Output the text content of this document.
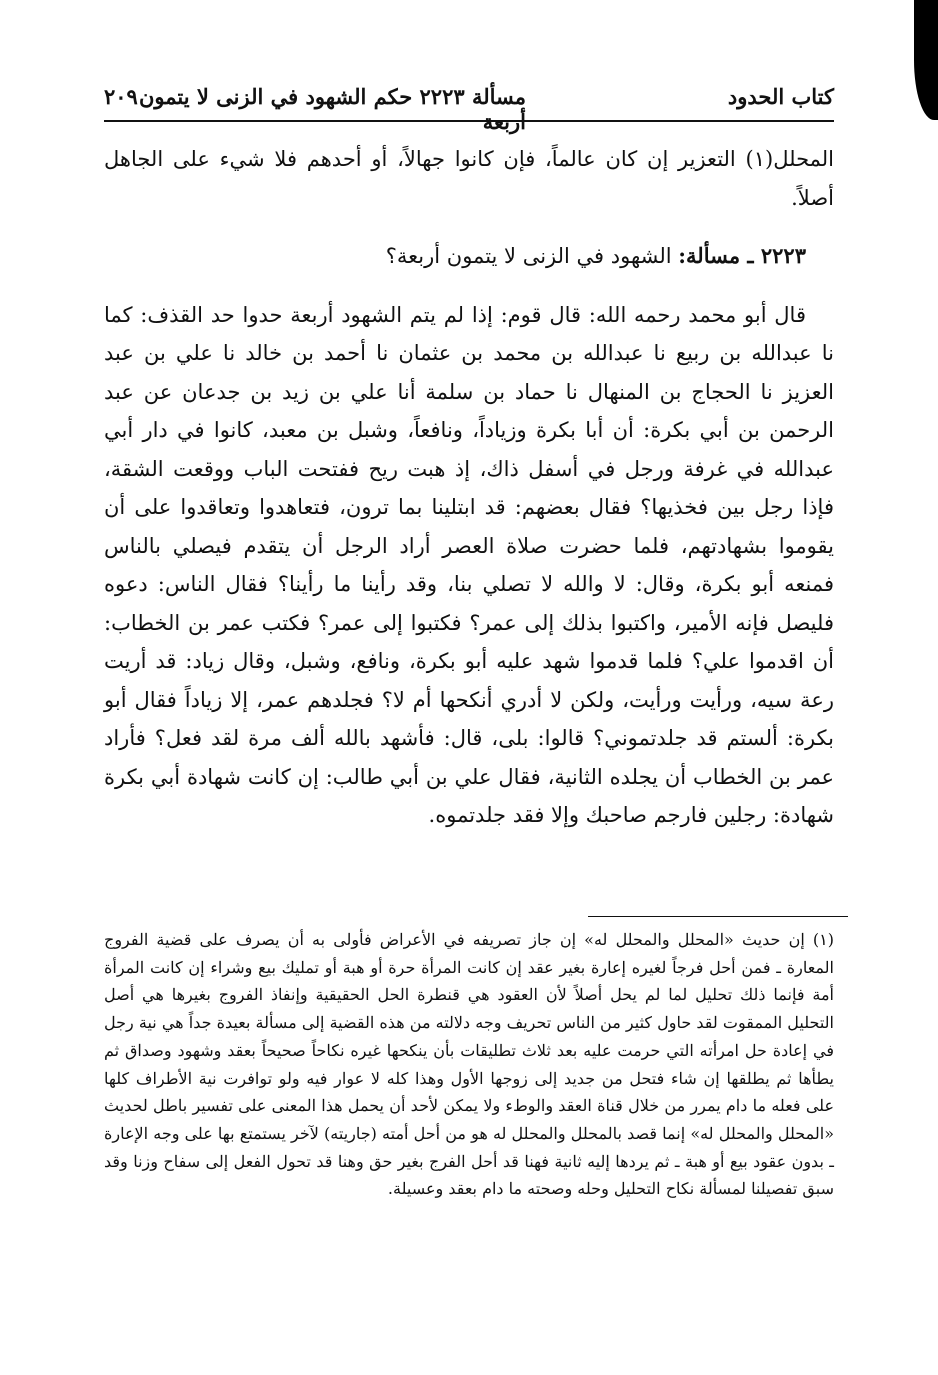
كتاب الحدود
مسألة ٢٢٢٣ حكم الشهود في الزنى لا يتمون أربعة
٢٠٩

المحلل(١) التعزير إن كان عالماً، فإن كانوا جهالاً، أو أحدهم فلا شيء على الجاهل أصلاً.

٢٢٢٣ ـ مسألة: الشهود في الزنى لا يتمون أربعة؟

قال أبو محمد رحمه الله: قال قوم: إذا لم يتم الشهود أربعة حدوا حد القذف: كما نا عبدالله بن ربيع نا عبدالله بن محمد بن عثمان نا أحمد بن خالد نا علي بن عبد العزيز نا الحجاج بن المنهال نا حماد بن سلمة أنا علي بن زيد بن جدعان عن عبد الرحمن بن أبي بكرة: أن أبا بكرة وزياداً، ونافعاً، وشبل بن معبد، كانوا في دار أبي عبدالله في غرفة ورجل في أسفل ذاك، إذ هبت ريح ففتحت الباب ووقعت الشقة، فإذا رجل بين فخذيها؟ فقال بعضهم: قد ابتلينا بما ترون، فتعاهدوا وتعاقدوا على أن يقوموا بشهادتهم، فلما حضرت صلاة العصر أراد الرجل أن يتقدم فيصلي بالناس فمنعه أبو بكرة، وقال: لا والله لا تصلي بنا، وقد رأينا ما رأينا؟ فقال الناس: دعوه فليصل فإنه الأمير، واكتبوا بذلك إلى عمر؟ فكتبوا إلى عمر؟ فكتب عمر بن الخطاب: أن اقدموا علي؟ فلما قدموا شهد عليه أبو بكرة، ونافع، وشبل، وقال زياد: قد أريت رعة سيه، ورأيت ورأيت، ولكن لا أدري أنكحها أم لا؟ فجلدهم عمر، إلا زياداً فقال أبو بكرة: ألستم قد جلدتموني؟ قالوا: بلى، قال: فأشهد بالله ألف مرة لقد فعل؟ فأراد عمر بن الخطاب أن يجلده الثانية، فقال علي بن أبي طالب: إن كانت شهادة أبي بكرة شهادة: رجلين فارجم صاحبك وإلا فقد جلدتموه.

(١) إن حديث «المحلل والمحلل له» إن جاز تصريفه في الأعراض فأولى به أن يصرف على قضية الفروج المعارة ـ فمن أحل فرجاً لغيره إعارة بغير عقد إن كانت المرأة حرة أو هبة أو تمليك بيع وشراء إن كانت المرأة أمة فإنما ذلك تحليل لما لم يحل أصلاً لأن العقود هي قنطرة الحل الحقيقية وإنفاذ الفروج بغيرها هي أصل التحليل الممقوت لقد حاول كثير من الناس تحريف وجه دلالته من هذه القضية إلى مسألة بعيدة جداً هي نية رجل في إعادة حل امرأته التي حرمت عليه بعد ثلاث تطليقات بأن ينكحها غيره نكاحاً صحيحاً بعقد وشهود وصداق ثم يطأها ثم يطلقها إن شاء فتحل من جديد إلى زوجها الأول وهذا كله لا عوار فيه ولو توافرت نية الأطراف كلها على فعله ما دام يمرر من خلال قناة العقد والوطء ولا يمكن لأحد أن يحمل هذا المعنى على تفسير باطل لحديث «المحلل والمحلل له» إنما قصد بالمحلل والمحلل له هو من أحل أمته (جاريته) لآخر يستمتع بها على وجه الإعارة ـ بدون عقود بيع أو هبة ـ ثم يردها إليه ثانية فهنا قد أحل الفرج بغير حق وهنا قد تحول الفعل إلى سفاح وزنا وقد سبق تفصيلنا لمسألة نكاح التحليل وحله وصحته ما دام بعقد وعسيلة.
